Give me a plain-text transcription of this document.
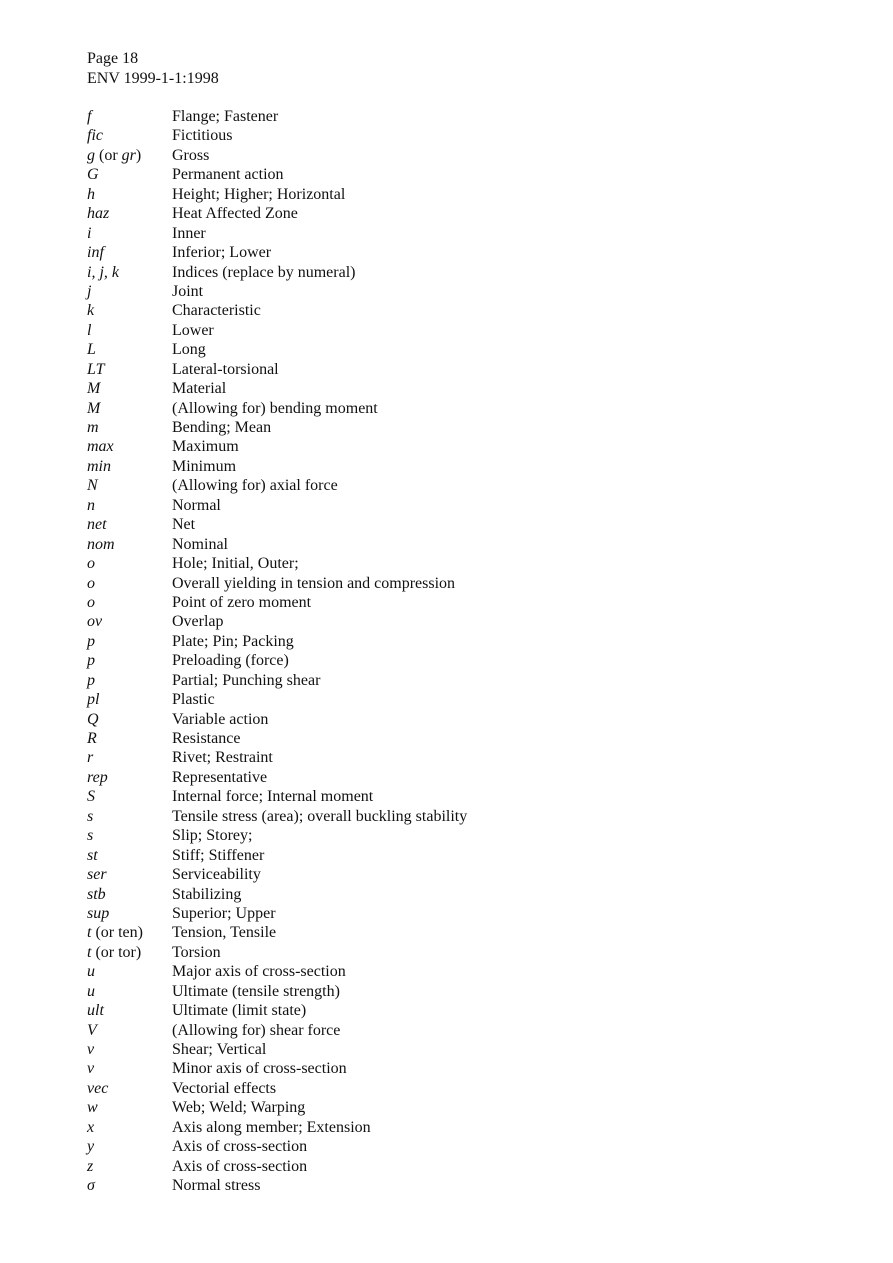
Page 18
ENV 1999-1-1:1998
f	Flange; Fastener
fic	Fictitious
g (or gr) Gross
G	Permanent action
h	Height; Higher; Horizontal
haz	Heat Affected Zone
i	Inner
inf	Inferior; Lower
i, j, k	Indices (replace by numeral)
j	Joint
k	Characteristic
l	Lower
L	Long
LT	Lateral-torsional
M	Material
M	(Allowing for) bending moment
m	Bending; Mean
max	Maximum
min	Minimum
N	(Allowing for) axial force
n	Normal
net	Net
nom	Nominal
o	Hole; Initial, Outer;
o	Overall yielding in tension and compression
o	Point of zero moment
ov	Overlap
p	Plate; Pin; Packing
p	Preloading (force)
p	Partial; Punching shear
pl	Plastic
Q	Variable action
R	Resistance
r	Rivet; Restraint
rep	Representative
S	Internal force; Internal moment
s	Tensile stress (area); overall buckling stability
s	Slip; Storey;
st	Stiff; Stiffener
ser	Serviceability
stb	Stabilizing
sup	Superior; Upper
t (or ten) Tension, Tensile
t (or tor) Torsion
u	Major axis of cross-section
u	Ultimate (tensile strength)
ult	Ultimate (limit state)
V	(Allowing for) shear force
v	Shear; Vertical
v	Minor axis of cross-section
vec	Vectorial effects
w	Web; Weld; Warping
x	Axis along member; Extension
y	Axis of cross-section
z	Axis of cross-section
σ	Normal stress
